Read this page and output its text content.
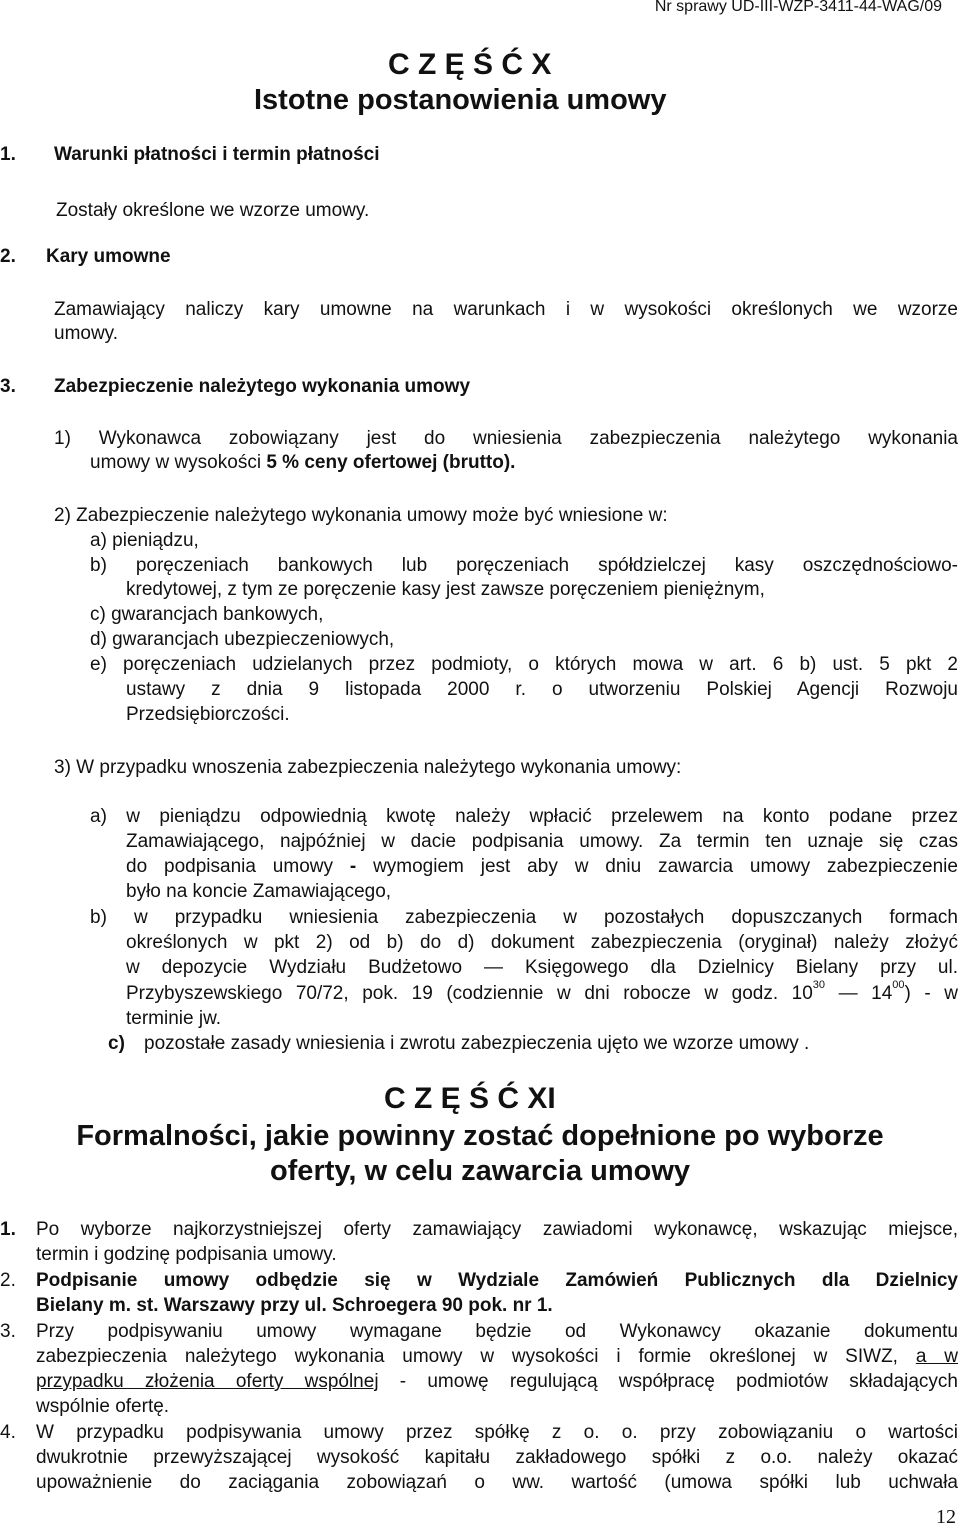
Nr sprawy UD-III-WZP-3411-44-WAG/09
C Z Ę Ś Ć X
Istotne postanowienia umowy
1. Warunki płatności i termin płatności
Zostały określone we wzorze umowy.
2. Kary umowne
Zamawiający naliczy kary umowne na warunkach i w wysokości określonych we wzorze
umowy.
3. Zabezpieczenie należytego wykonania umowy
1) Wykonawca zobowiązany jest do wniesienia zabezpieczenia należytego wykonania
umowy w wysokości 5 % ceny ofertowej (brutto).
2) Zabezpieczenie należytego wykonania umowy może być wniesione w:
a) pieniądzu,
b) poręczeniach bankowych lub poręczeniach spółdzielczej kasy oszczędnościowo-
kredytowej, z tym ze poręczenie kasy jest zawsze poręczeniem pieniężnym,
c) gwarancjach bankowych,
d) gwarancjach ubezpieczeniowych,
e) poręczeniach udzielanych przez podmioty, o których mowa w art. 6 b) ust. 5 pkt 2
ustawy z dnia 9 listopada 2000 r. o utworzeniu Polskiej Agencji Rozwoju
Przedsiębiorczości.
3) W przypadku wnoszenia zabezpieczenia należytego wykonania umowy:
a) w pieniądzu odpowiednią kwotę należy wpłacić przelewem na konto podane przez
Zamawiającego, najpóźniej w dacie podpisania umowy. Za termin ten uznaje się czas
do podpisania umowy - wymogiem jest aby w dniu zawarcia umowy zabezpieczenie
było na koncie Zamawiającego,
b) w przypadku wniesienia zabezpieczenia w pozostałych dopuszczanych formach
określonych w pkt 2) od b) do d) dokument zabezpieczenia (oryginał) należy złożyć
w depozycie Wydziału Budżetowo — Księgowego dla Dzielnicy Bielany przy ul.
Przybyszewskiego 70/72, pok. 19 (codziennie w dni robocze w godz. $10^{30}$ — $14^{00}$) - w
terminie jw.
c) pozostałe zasady wniesienia i zwrotu zabezpieczenia ujęto we wzorze umowy .
C Z Ę Ś Ć XI
Formalności, jakie powinny zostać dopełnione po wyborze
oferty, w celu zawarcia umowy
1. Po wyborze najkorzystniejszej oferty zamawiający zawiadomi wykonawcę, wskazując miejsce,
termin i godzinę podpisania umowy.
2. Podpisanie umowy odbędzie się w Wydziale Zamówień Publicznych dla Dzielnicy
Bielany m. st. Warszawy przy ul. Schroegera 90 pok. nr 1.
3. Przy podpisywaniu umowy wymagane będzie od Wykonawcy okazanie dokumentu
zabezpieczenia należytego wykonania umowy w wysokości i formie określonej w SIWZ, a w
przypadku złożenia oferty wspólnej - umowę regulującą współpracę podmiotów składających
wspólnie ofertę.
4. W przypadku podpisywania umowy przez spółkę z o. o. przy zobowiązaniu o wartości
dwukrotnie przewyższającej wysokość kapitału zakładowego spółki z o.o. należy okazać
upoważnienie do zaciągania zobowiązań o ww. wartość (umowa spółki lub uchwała
12
